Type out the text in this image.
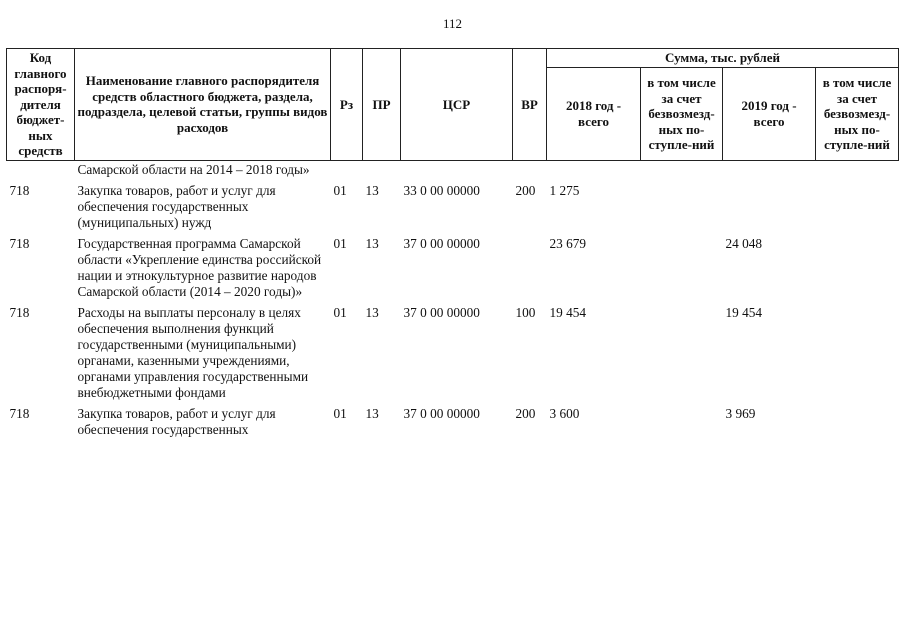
112
Код главного распоря-дителя бюджет-ных средств	Наименование главного распорядителя средств областного бюджета, раздела, подраздела, целевой статьи, группы видов расходов	Рз	ПР	ЦСР	ВР	Сумма, тыс. рублей			
						2018 год - всего	в том числе за счет безвозмезд-ных по-ступле-ний	2019 год - всего	в том числе за счет безвозмезд-ных по-ступле-ний
	Самарской области на 2014 – 2018 годы»								
718	Закупка товаров, работ и услуг для обеспечения государственных (муниципальных) нужд	01	13	33 0 00 00000	200	1 275			
718	Государственная программа Самарской области «Укрепление единства российской нации и этнокультурное развитие народов Самарской области (2014 – 2020 годы)»	01	13	37 0 00 00000		23 679		24 048	
718	Расходы на выплаты персоналу в целях обеспечения выполнения функций государственными (муниципальными) органами, казенными учреждениями, органами управления государственными внебюджетными фондами	01	13	37 0 00 00000	100	19 454		19 454	
718	Закупка товаров, работ и услуг для обеспечения государственных	01	13	37 0 00 00000	200	3 600		3 969	
